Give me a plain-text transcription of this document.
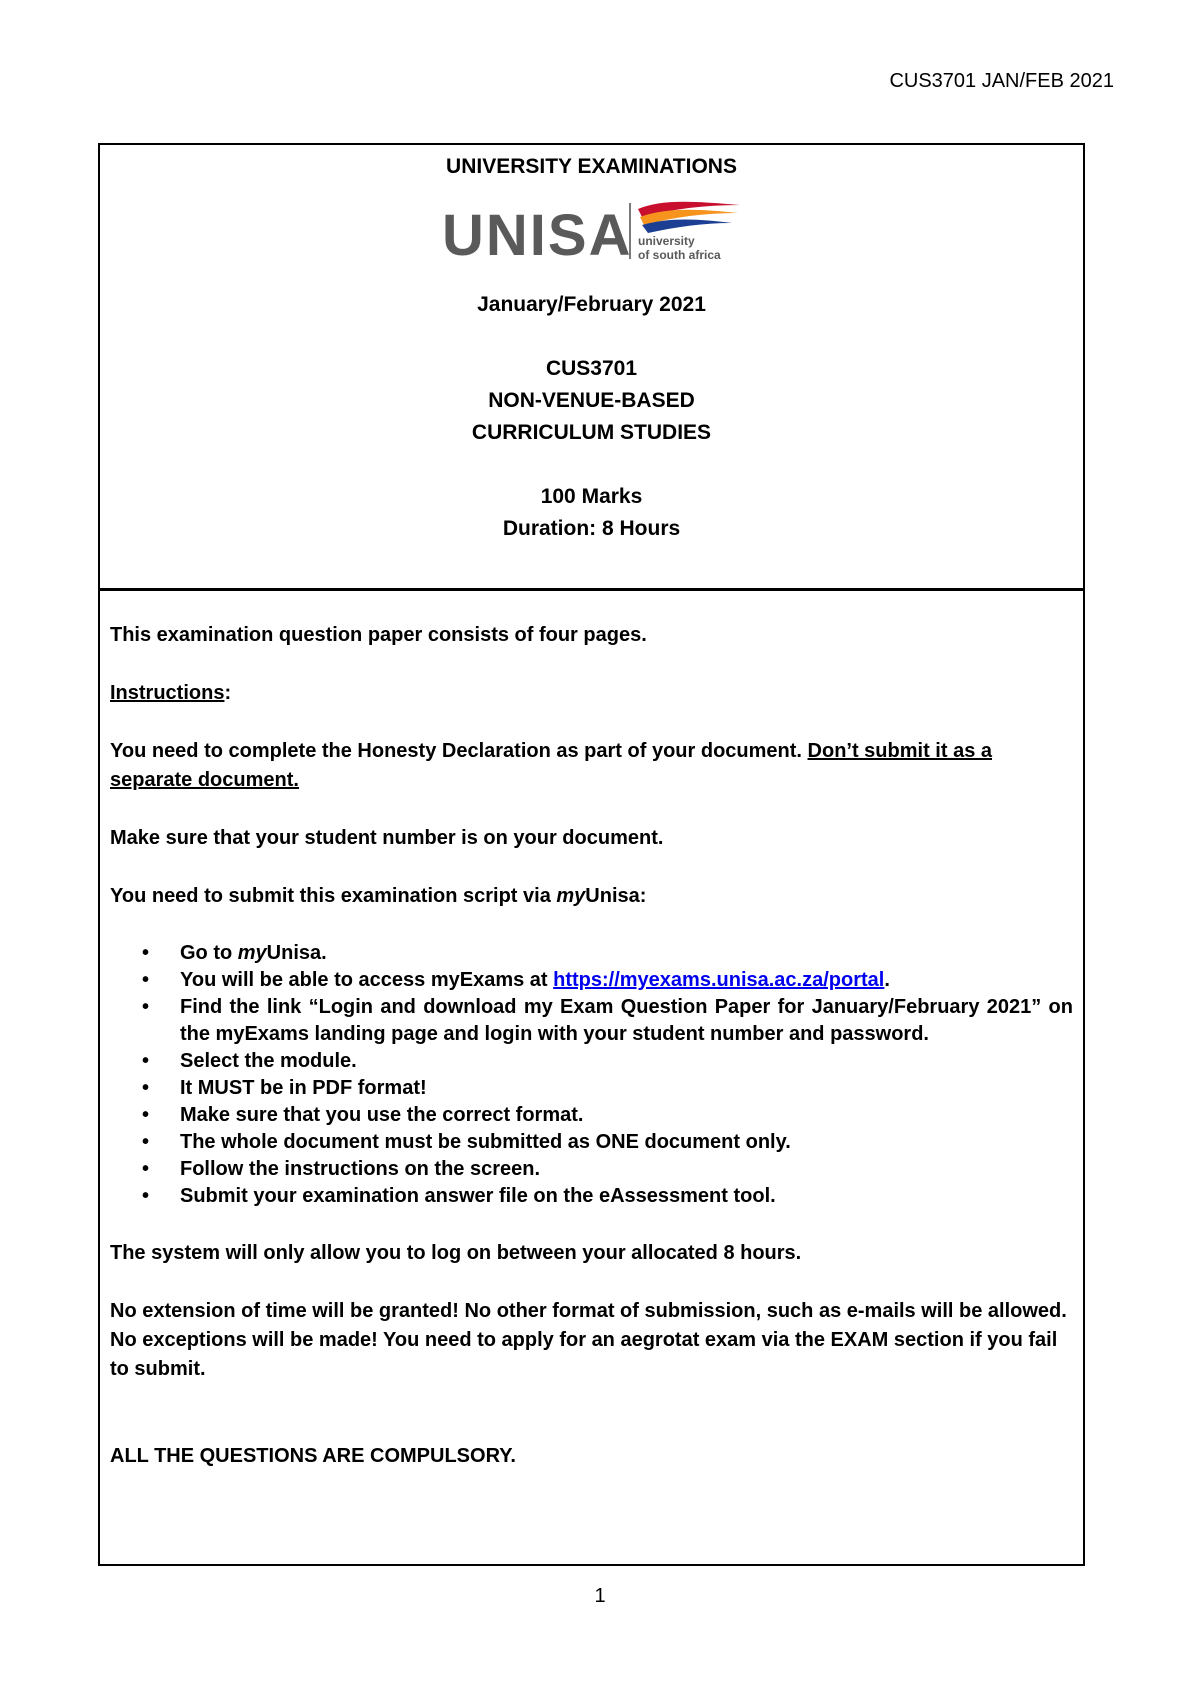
CUS3701 JAN/FEB 2021
UNIVERSITY EXAMINATIONS
UNISA university
of south africa
January/February 2021
CUS3701
NON-VENUE-BASED
CURRICULUM STUDIES
100 Marks
Duration: 8 Hours

This examination question paper consists of four pages.

Instructions:

You need to complete the Honesty Declaration as part of your document. Don’t submit it as a separate document.

Make sure that your student number is on your document.

You need to submit this examination script via myUnisa:

• Go to myUnisa.
• You will be able to access myExams at https://myexams.unisa.ac.za/portal.
• Find the link “Login and download my Exam Question Paper for January/February 2021” on the myExams landing page and login with your student number and password.
• Select the module.
• It MUST be in PDF format!
• Make sure that you use the correct format.
• The whole document must be submitted as ONE document only.
• Follow the instructions on the screen.
• Submit your examination answer file on the eAssessment tool.

The system will only allow you to log on between your allocated 8 hours.

No extension of time will be granted! No other format of submission, such as e-mails will be allowed. No exceptions will be made! You need to apply for an aegrotat exam via the EXAM section if you fail to submit.

ALL THE QUESTIONS ARE COMPULSORY.

1
